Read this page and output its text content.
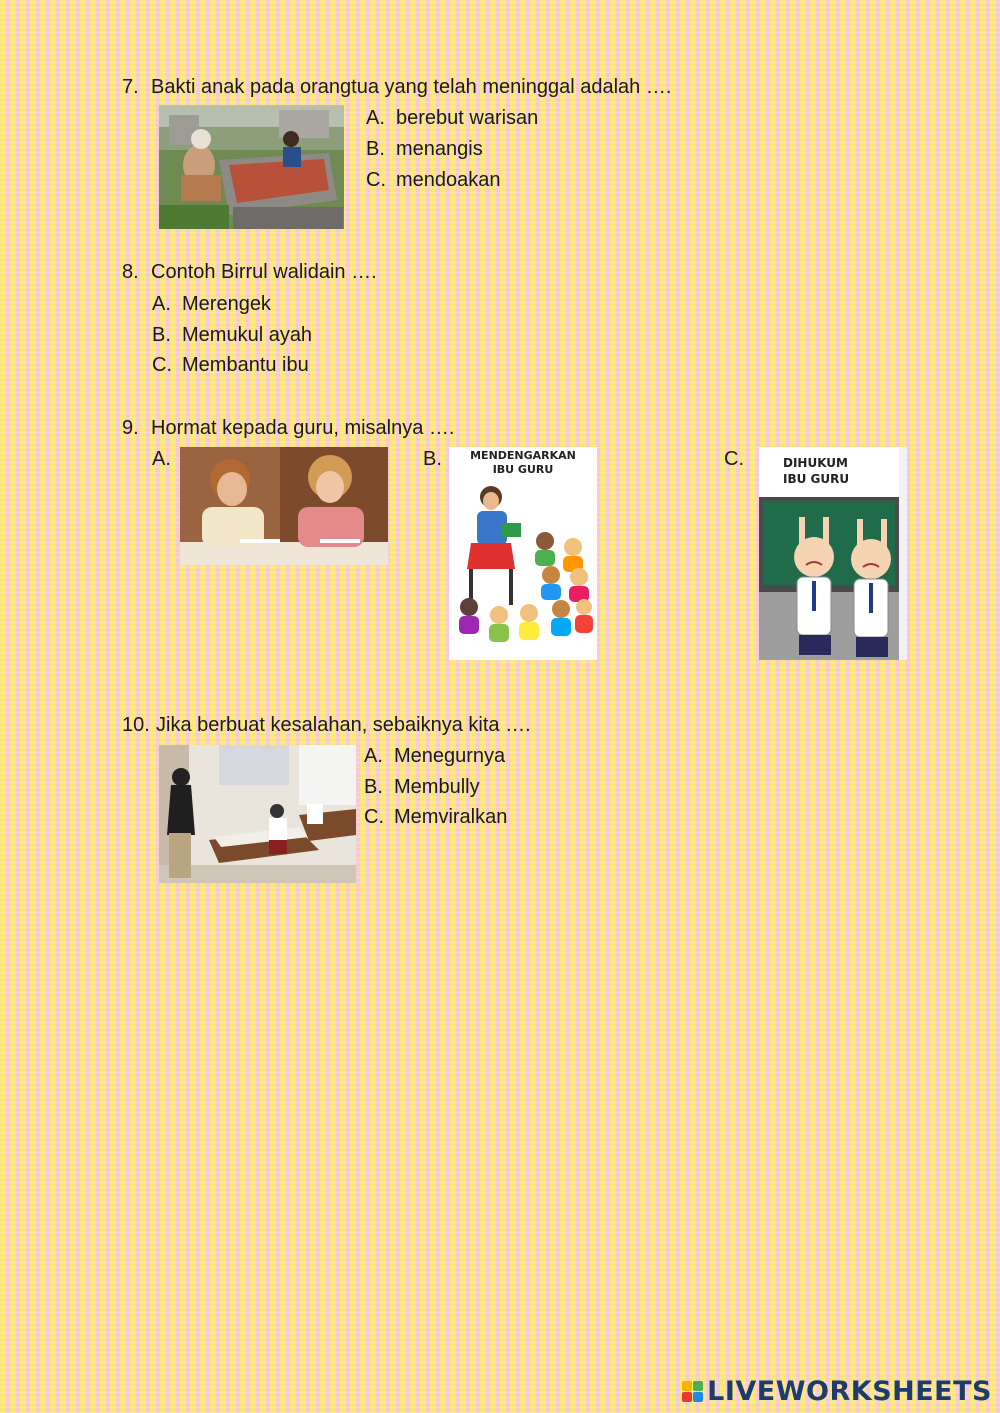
7. Bakti anak pada orangtua yang telah meninggal adalah ….
A. berebut warisan
B. menangis
C. mendoakan
8. Contoh Birrul walidain ….
A. Merengek
B. Memukul ayah
C. Membantu ibu
9. Hormat kepada guru, misalnya ….
A.	B.	MENDENGARKAN
IBU GURU	C.	DIHUKUM
IBU GURU
10. Jika berbuat kesalahan, sebaiknya kita ….
A. Menegurnya
B. Membully
C. Memviralkan
LIVEWORKSHEETS
